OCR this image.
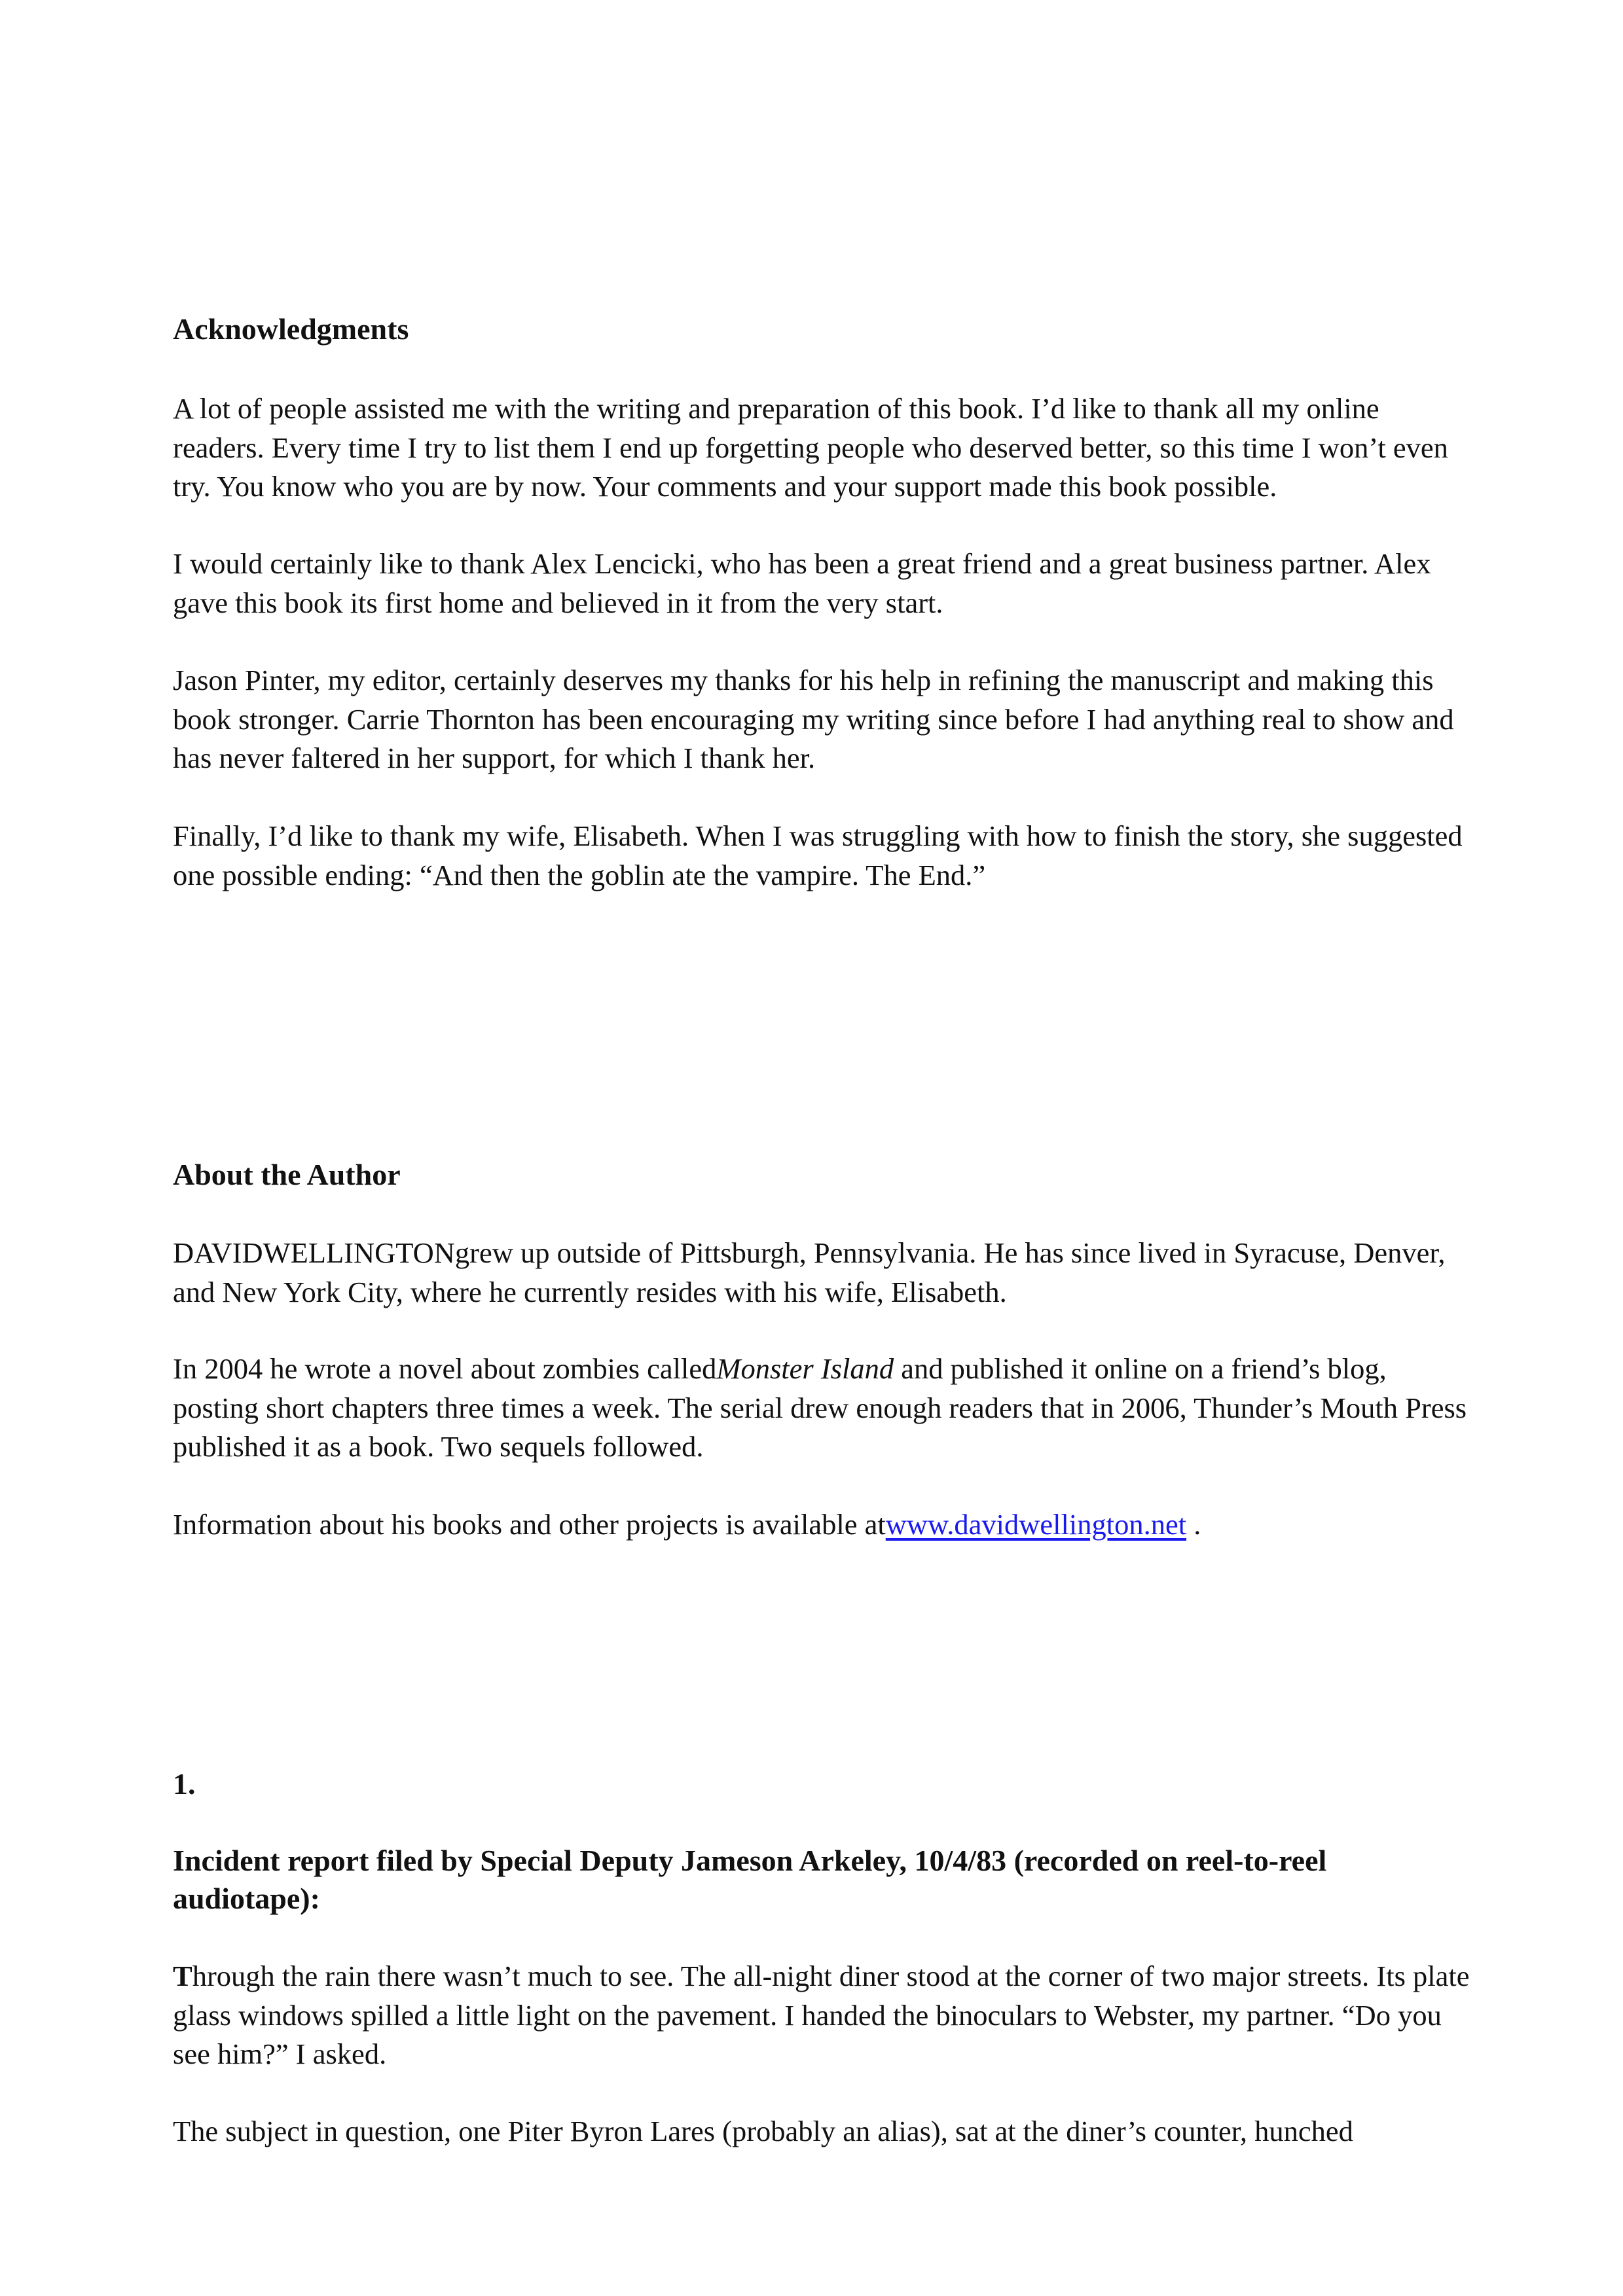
Acknowledgments

A lot of people assisted me with the writing and preparation of this book. I’d like to thank all my online readers. Every time I try to list them I end up forgetting people who deserved better, so this time I won’t even try. You know who you are by now. Your comments and your support made this book possible.

I would certainly like to thank Alex Lencicki, who has been a great friend and a great business partner. Alex gave this book its first home and believed in it from the very start.

Jason Pinter, my editor, certainly deserves my thanks for his help in refining the manuscript and making this book stronger. Carrie Thornton has been encouraging my writing since before I had anything real to show and has never faltered in her support, for which I thank her.

Finally, I’d like to thank my wife, Elisabeth. When I was struggling with how to finish the story, she suggested one possible ending: “And then the goblin ate the vampire. The End.”

About the Author

DAVIDWELLINGTONgrew up outside of Pittsburgh, Pennsylvania. He has since lived in Syracuse, Denver, and New York City, where he currently resides with his wife, Elisabeth.

In 2004 he wrote a novel about zombies calledMonster Island and published it online on a friend’s blog, posting short chapters three times a week. The serial drew enough readers that in 2006, Thunder’s Mouth Press published it as a book. Two sequels followed.

Information about his books and other projects is available atwww.davidwellington.net .

1.

Incident report filed by Special Deputy Jameson Arkeley, 10/4/83 (recorded on reel-to-reel audiotape):

Through the rain there wasn’t much to see. The all-night diner stood at the corner of two major streets. Its plate glass windows spilled a little light on the pavement. I handed the binoculars to Webster, my partner. “Do you see him?” I asked.

The subject in question, one Piter Byron Lares (probably an alias), sat at the diner’s counter, hunched
